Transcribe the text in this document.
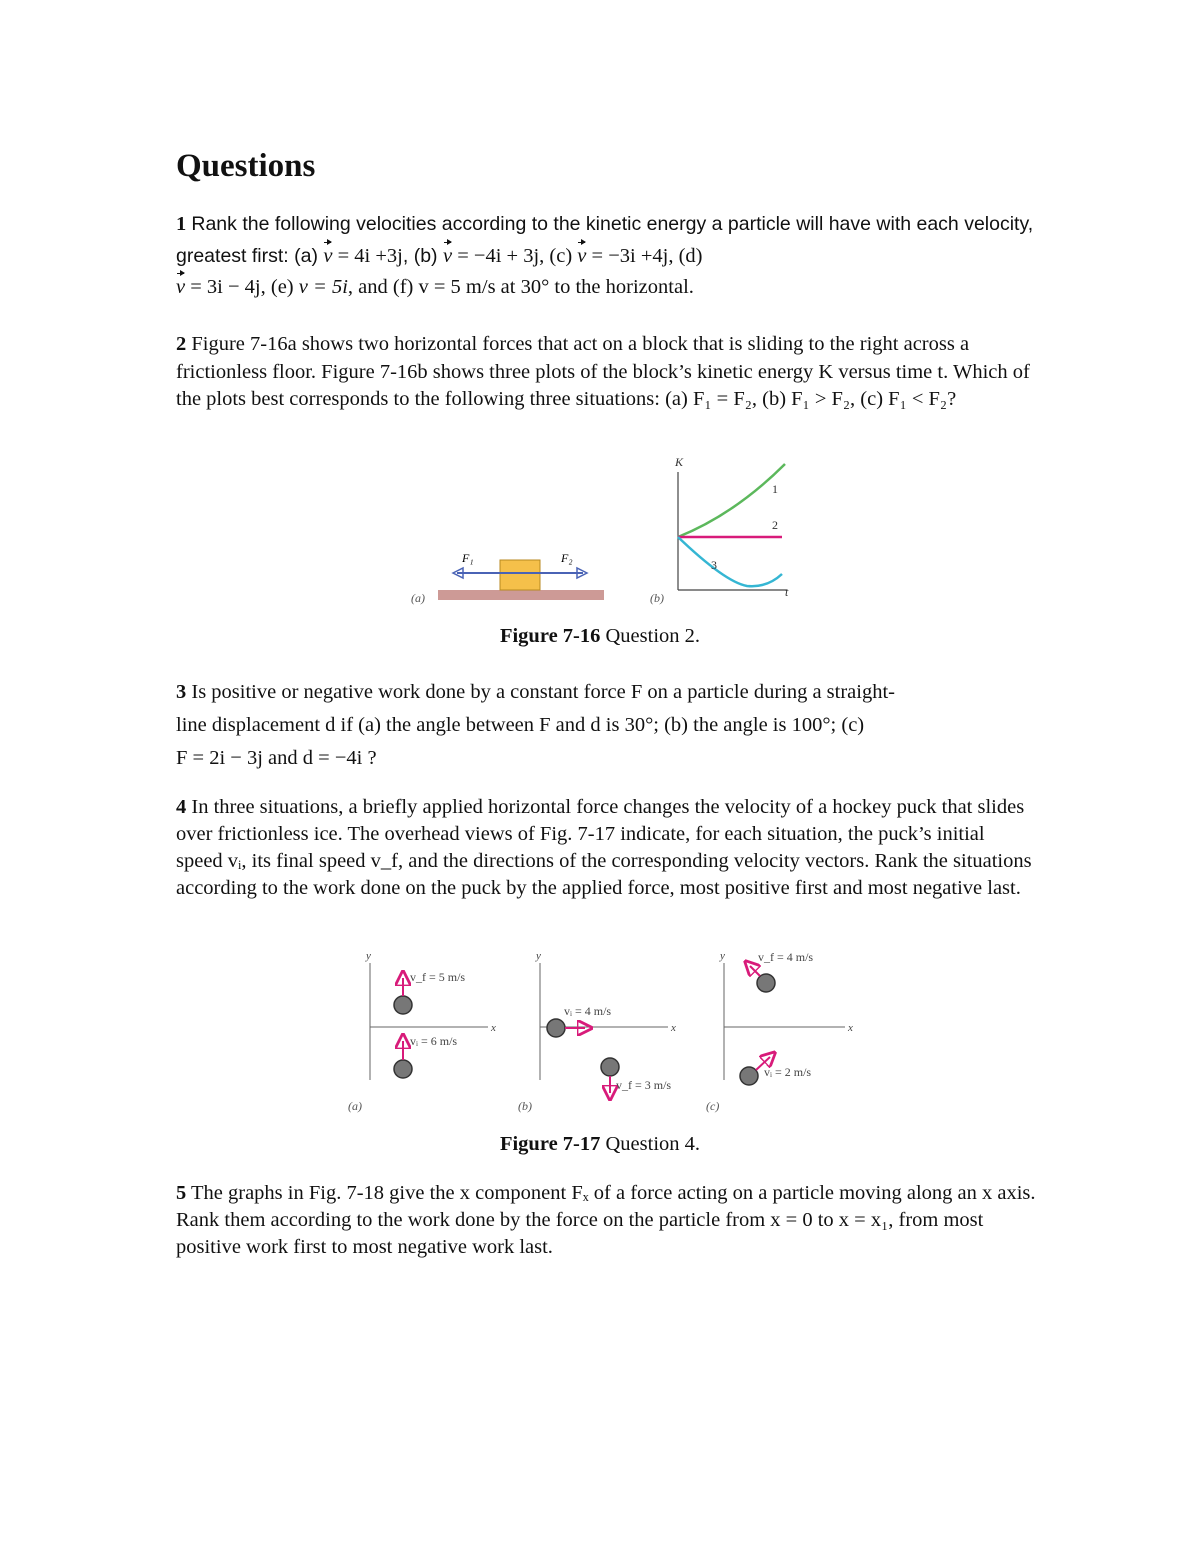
Questions

1 Rank the following velocities according to the kinetic energy a particle will have with each velocity, greatest first: (a) v = 4i +3j, (b) v = −4i + 3j, (c) v = −3i +4j, (d)
v = 3i − 4j, (e) v = 5i, and (f) v = 5 m/s at 30° to the horizontal.

2 Figure 7-16a shows two horizontal forces that act on a block that is sliding to the right across a frictionless floor. Figure 7-16b shows three plots of the block’s kinetic energy K versus time t. Which of the plots best corresponds to the following three situations: (a) F₁ = F₂, (b) F₁ > F₂, (c) F₁ < F₂?

F₁	F₂
(a)
K
t
1
2
3
(b)

Figure 7-16 Question 2.

3 Is positive or negative work done by a constant force F on a particle during a straight-
line displacement d if (a) the angle between F and d is 30°; (b) the angle is 100°; (c)
F = 2i − 3j and d = −4i ?

4 In three situations, a briefly applied horizontal force changes the velocity of a hockey puck that slides over frictionless ice. The overhead views of Fig. 7-17 indicate, for each situation, the puck’s initial speed vᵢ, its final speed v_f, and the directions of the corresponding velocity vectors. Rank the situations according to the work done on the puck by the applied force, most positive first and most negative last.

y
x
v_f = 5 m/s
vᵢ = 6 m/s
(a)
y
x
vᵢ = 4 m/s
v_f = 3 m/s
(b)
y
x
v_f = 4 m/s
vᵢ = 2 m/s
(c)

Figure 7-17 Question 4.

5 The graphs in Fig. 7-18 give the x component Fₓ of a force acting on a particle moving along an x axis. Rank them according to the work done by the force on the particle from x = 0 to x = x₁, from most positive work first to most negative work last.
